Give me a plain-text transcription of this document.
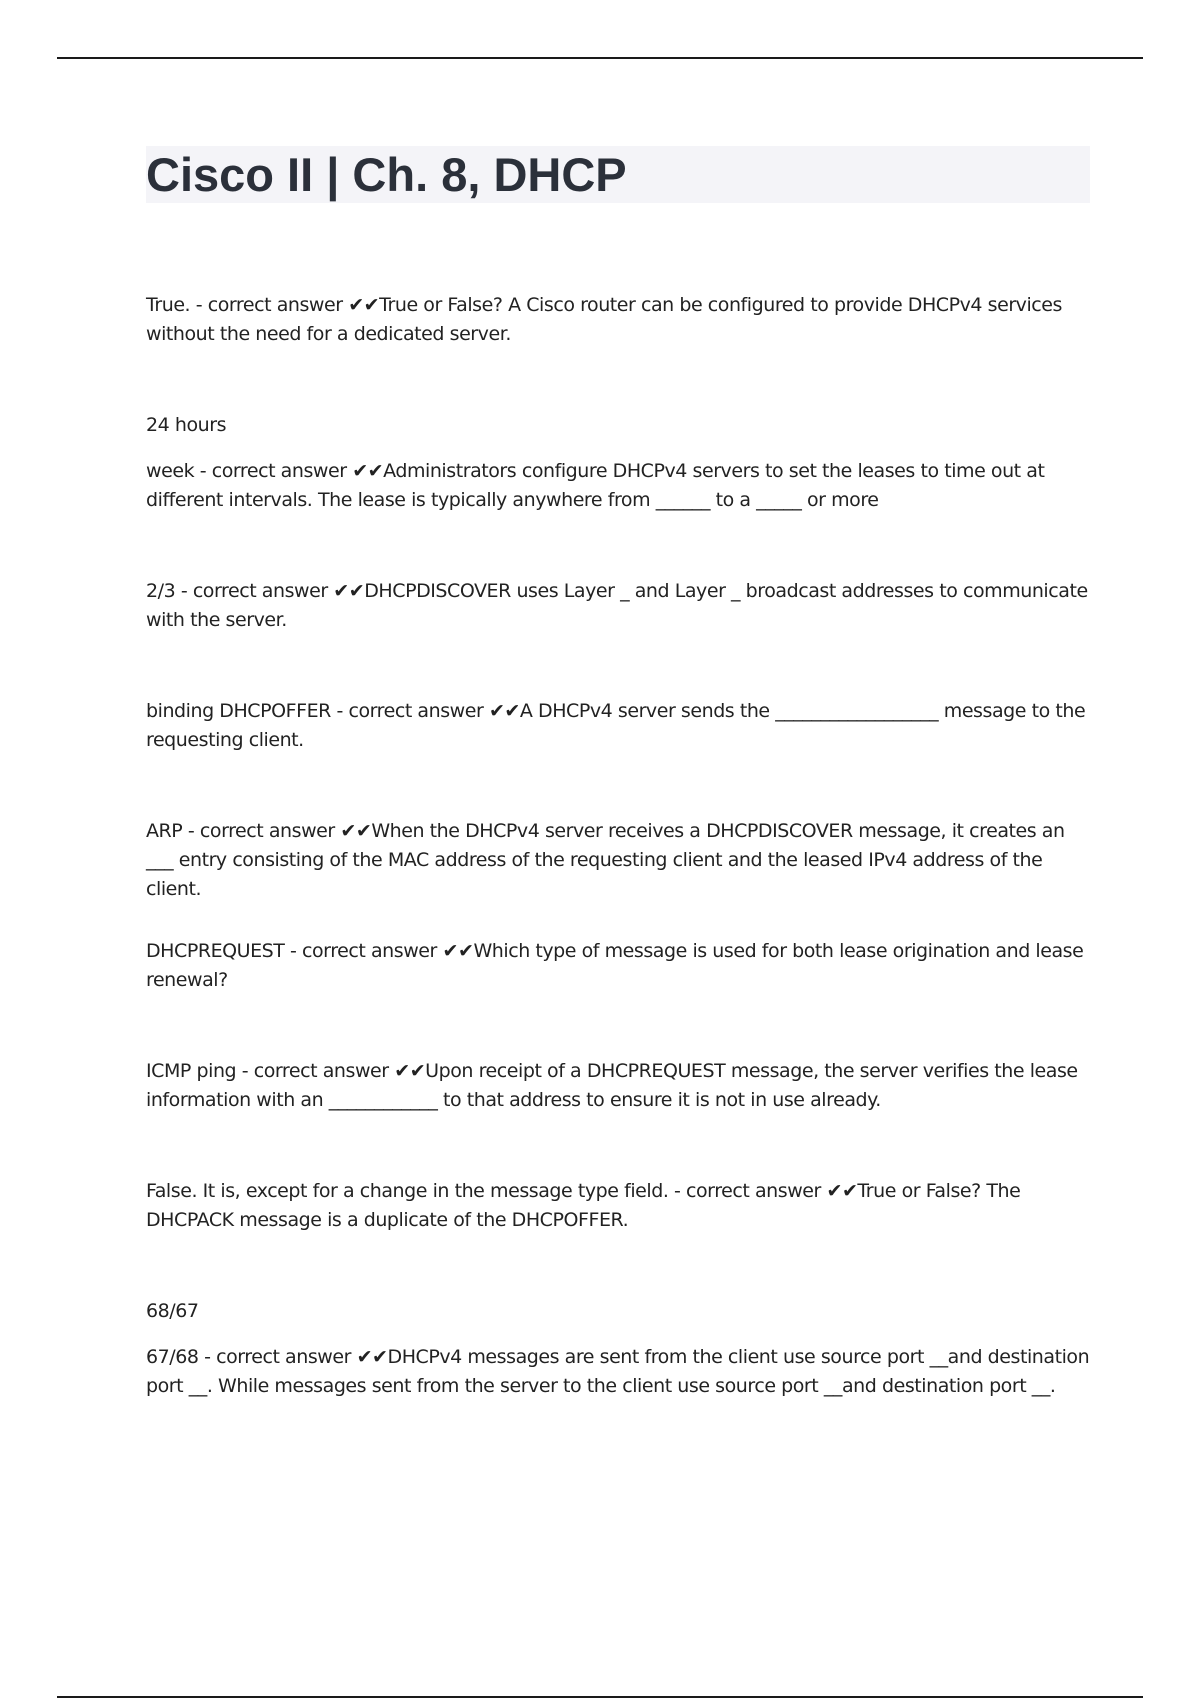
Cisco II | Ch. 8, DHCP

True. - correct answer ✔✔True or False? A Cisco router can be configured to provide DHCPv4 services without the need for a dedicated server.

24 hours

week - correct answer ✔✔Administrators configure DHCPv4 servers to set the leases to time out at different intervals. The lease is typically anywhere from ______ to a _____ or more

2/3 - correct answer ✔✔DHCPDISCOVER uses Layer _ and Layer _ broadcast addresses to communicate with the server.

binding DHCPOFFER - correct answer ✔✔A DHCPv4 server sends the __________________ message to the requesting client.

ARP - correct answer ✔✔When the DHCPv4 server receives a DHCPDISCOVER message, it creates an ___ entry consisting of the MAC address of the requesting client and the leased IPv4 address of the client.

DHCPREQUEST - correct answer ✔✔Which type of message is used for both lease origination and lease renewal?

ICMP ping - correct answer ✔✔Upon receipt of a DHCPREQUEST message, the server verifies the lease information with an ____________ to that address to ensure it is not in use already.

False. It is, except for a change in the message type field. - correct answer ✔✔True or False? The DHCPACK message is a duplicate of the DHCPOFFER.

68/67

67/68 - correct answer ✔✔DHCPv4 messages are sent from the client use source port __and destination port __. While messages sent from the server to the client use source port __and destination port __.
